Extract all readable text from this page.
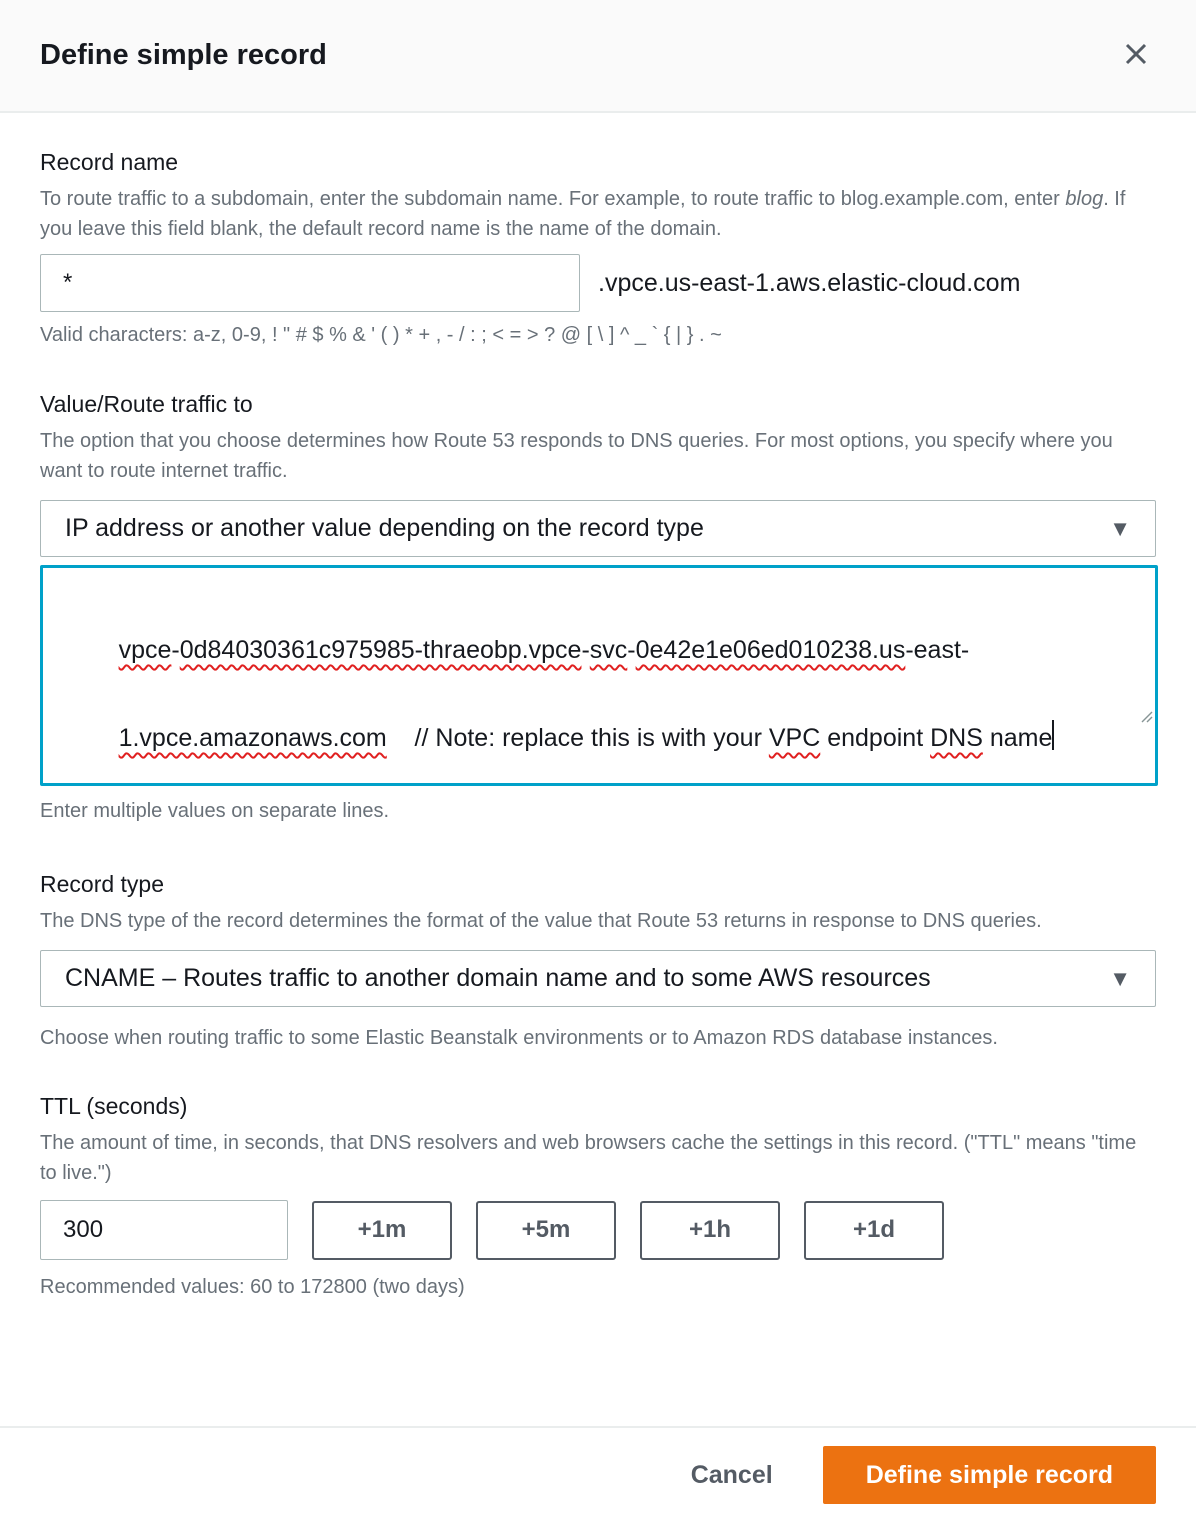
Define simple record
Record name
To route traffic to a subdomain, enter the subdomain name. For example, to route traffic to blog.example.com, enter blog. If you leave this field blank, the default record name is the name of the domain.
*
.vpce.us-east-1.aws.elastic-cloud.com
Valid characters: a-z, 0-9, ! " # $ % & ' ( ) * + , - / : ; < = > ? @ [ \ ] ^ _ ` { | } . ~
Value/Route traffic to
The option that you choose determines how Route 53 responds to DNS queries. For most options, you specify where you want to route internet traffic.
IP address or another value depending on the record type	▼

vpce-0d84030361c975985-thraeobp.vpce-svc-0e42e1e06ed010238.us-east-

1.vpce.amazonaws.com    // Note: replace this is with your VPC endpoint DNS name

Enter multiple values on separate lines.
Record type
The DNS type of the record determines the format of the value that Route 53 returns in response to DNS queries.
CNAME – Routes traffic to another domain name and to some AWS resources	▼
Choose when routing traffic to some Elastic Beanstalk environments or to Amazon RDS database instances.
TTL (seconds)
The amount of time, in seconds, that DNS resolvers and web browsers cache the settings in this record. ("TTL" means "time to live.")
300
+1m	+5m	+1h	+1d
Recommended values: 60 to 172800 (two days)
Cancel	Define simple record
